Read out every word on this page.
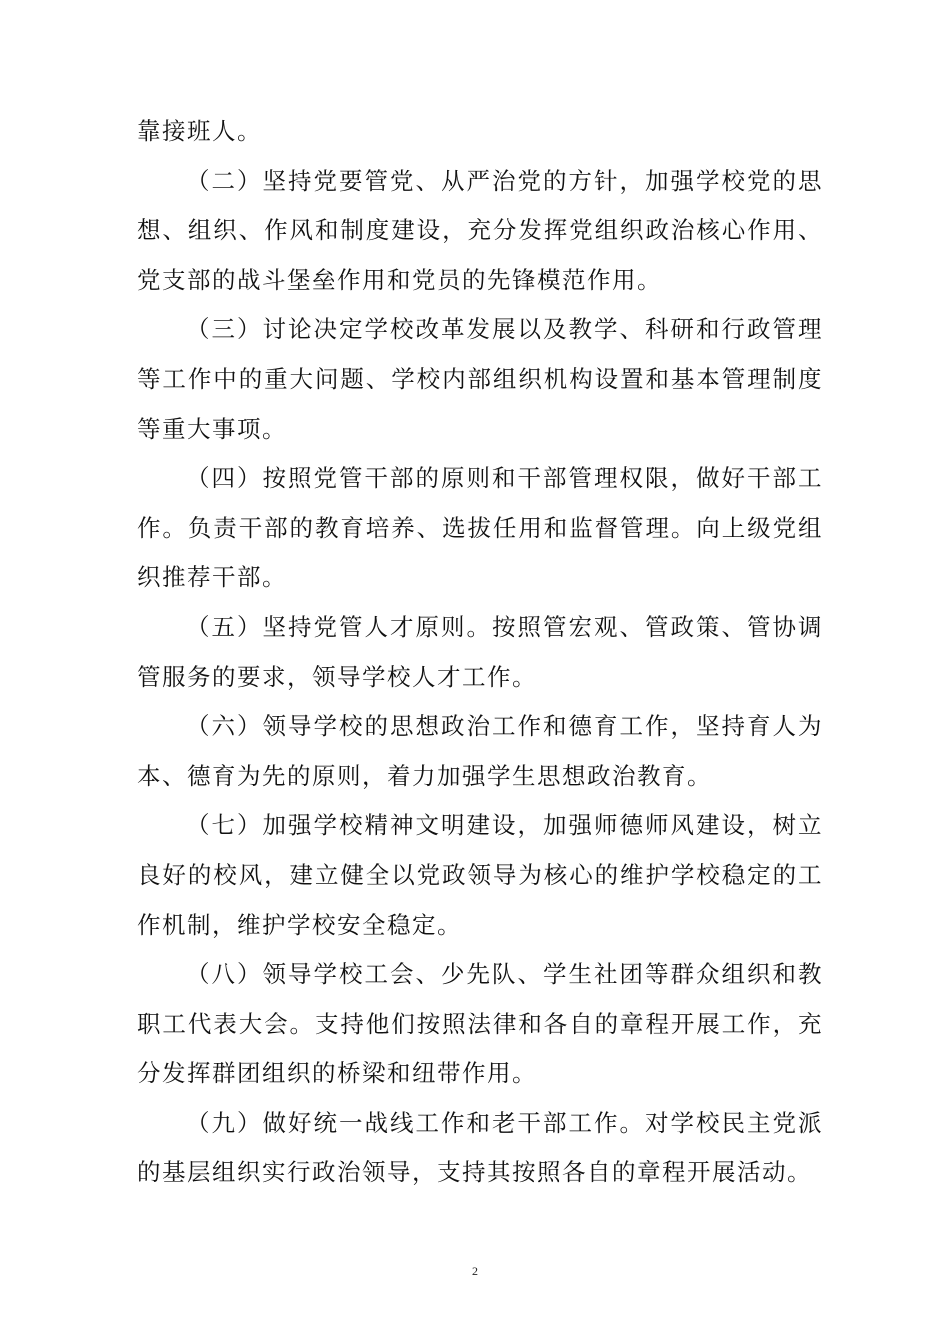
靠接班人。

（二）坚持党要管党、从严治党的方针，加强学校党的思想、组织、作风和制度建设，充分发挥党组织政治核心作用、党支部的战斗堡垒作用和党员的先锋模范作用。

（三）讨论决定学校改革发展以及教学、科研和行政管理等工作中的重大问题、学校内部组织机构设置和基本管理制度等重大事项。

（四）按照党管干部的原则和干部管理权限，做好干部工作。负责干部的教育培养、选拔任用和监督管理。向上级党组织推荐干部。

（五）坚持党管人才原则。按照管宏观、管政策、管协调管服务的要求，领导学校人才工作。

（六）领导学校的思想政治工作和德育工作，坚持育人为本、德育为先的原则，着力加强学生思想政治教育。

（七）加强学校精神文明建设，加强师德师风建设，树立良好的校风，建立健全以党政领导为核心的维护学校稳定的工作机制，维护学校安全稳定。

（八）领导学校工会、少先队、学生社团等群众组织和教职工代表大会。支持他们按照法律和各自的章程开展工作，充分发挥群团组织的桥梁和纽带作用。

（九）做好统一战线工作和老干部工作。对学校民主党派的基层组织实行政治领导，支持其按照各自的章程开展活动。

2
